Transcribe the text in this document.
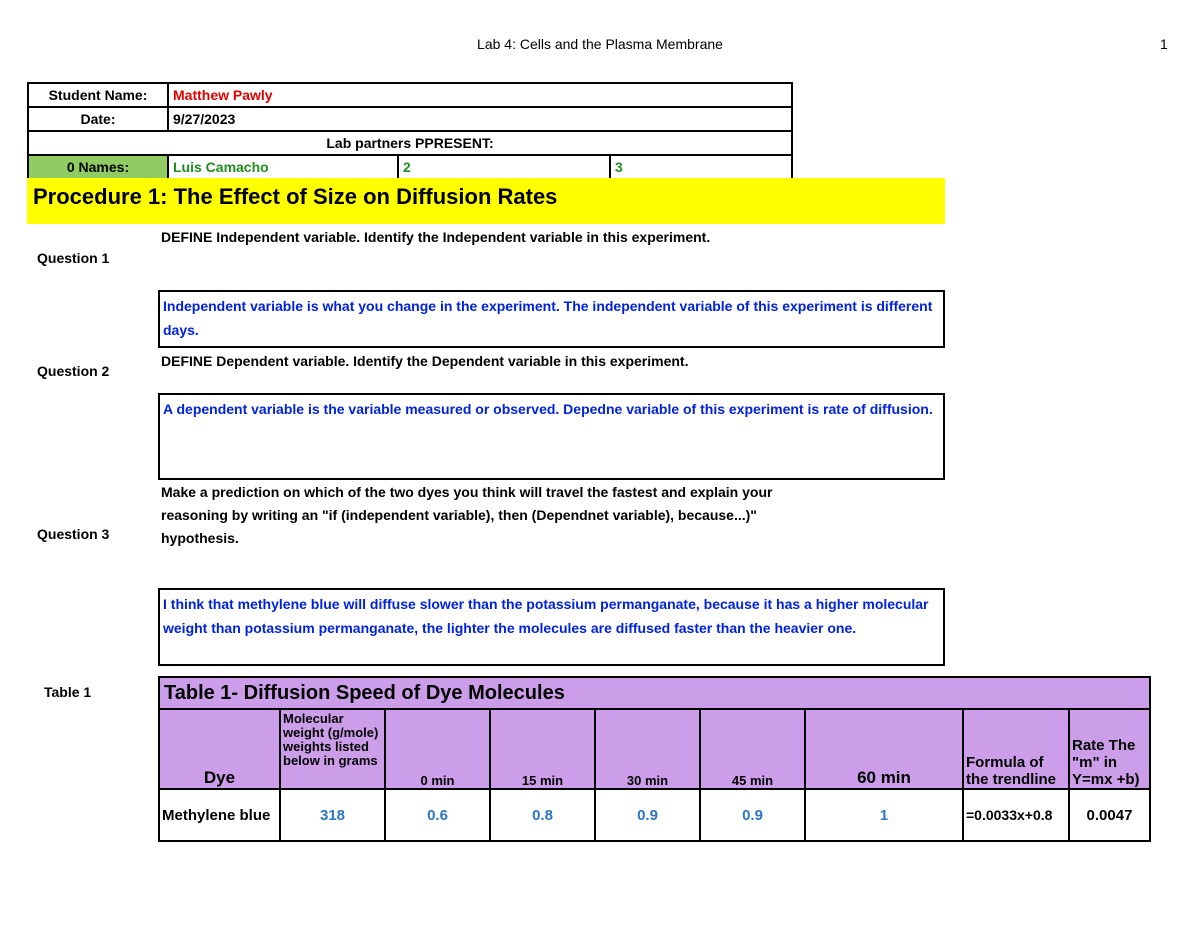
Lab 4: Cells and the Plasma Membrane	1
Student Name:	Matthew Pawly		
Date:	9/27/2023		
Lab partners PPRESENT:			
0 Names:	Luis Camacho	2	3
Procedure 1: The Effect of Size on Diffusion Rates
Question 1
DEFINE Independent variable. Identify the Independent variable in this experiment.
Independent variable is what you change in the experiment. The independent variable of this experiment is different days.
Question 2
DEFINE Dependent variable. Identify the Dependent variable in this experiment.
A dependent variable is the variable measured or observed. Depedne variable of this experiment is rate of diffusion.
Question 3
Make a prediction on which of the two dyes you think will travel the fastest and explain your reasoning by writing an "if (independent variable), then (Dependnet variable), because...)" hypothesis.
I think that methylene blue will diffuse slower than the potassium permanganate, because it has a higher molecular weight than potassium permanganate, the lighter the molecules are diffused faster than the heavier one.
Table 1	Table 1- Diffusion Speed of Dye Molecules								
Dye	Molecular weight (g/mole) weights listed below in grams	0 min	15 min	30 min	45 min	60 min	Formula of the trendline	Rate The "m" in Y=mx +b)
Methylene blue	318	0.6	0.8	0.9	0.9	1	=0.0033x+0.8	0.0047
